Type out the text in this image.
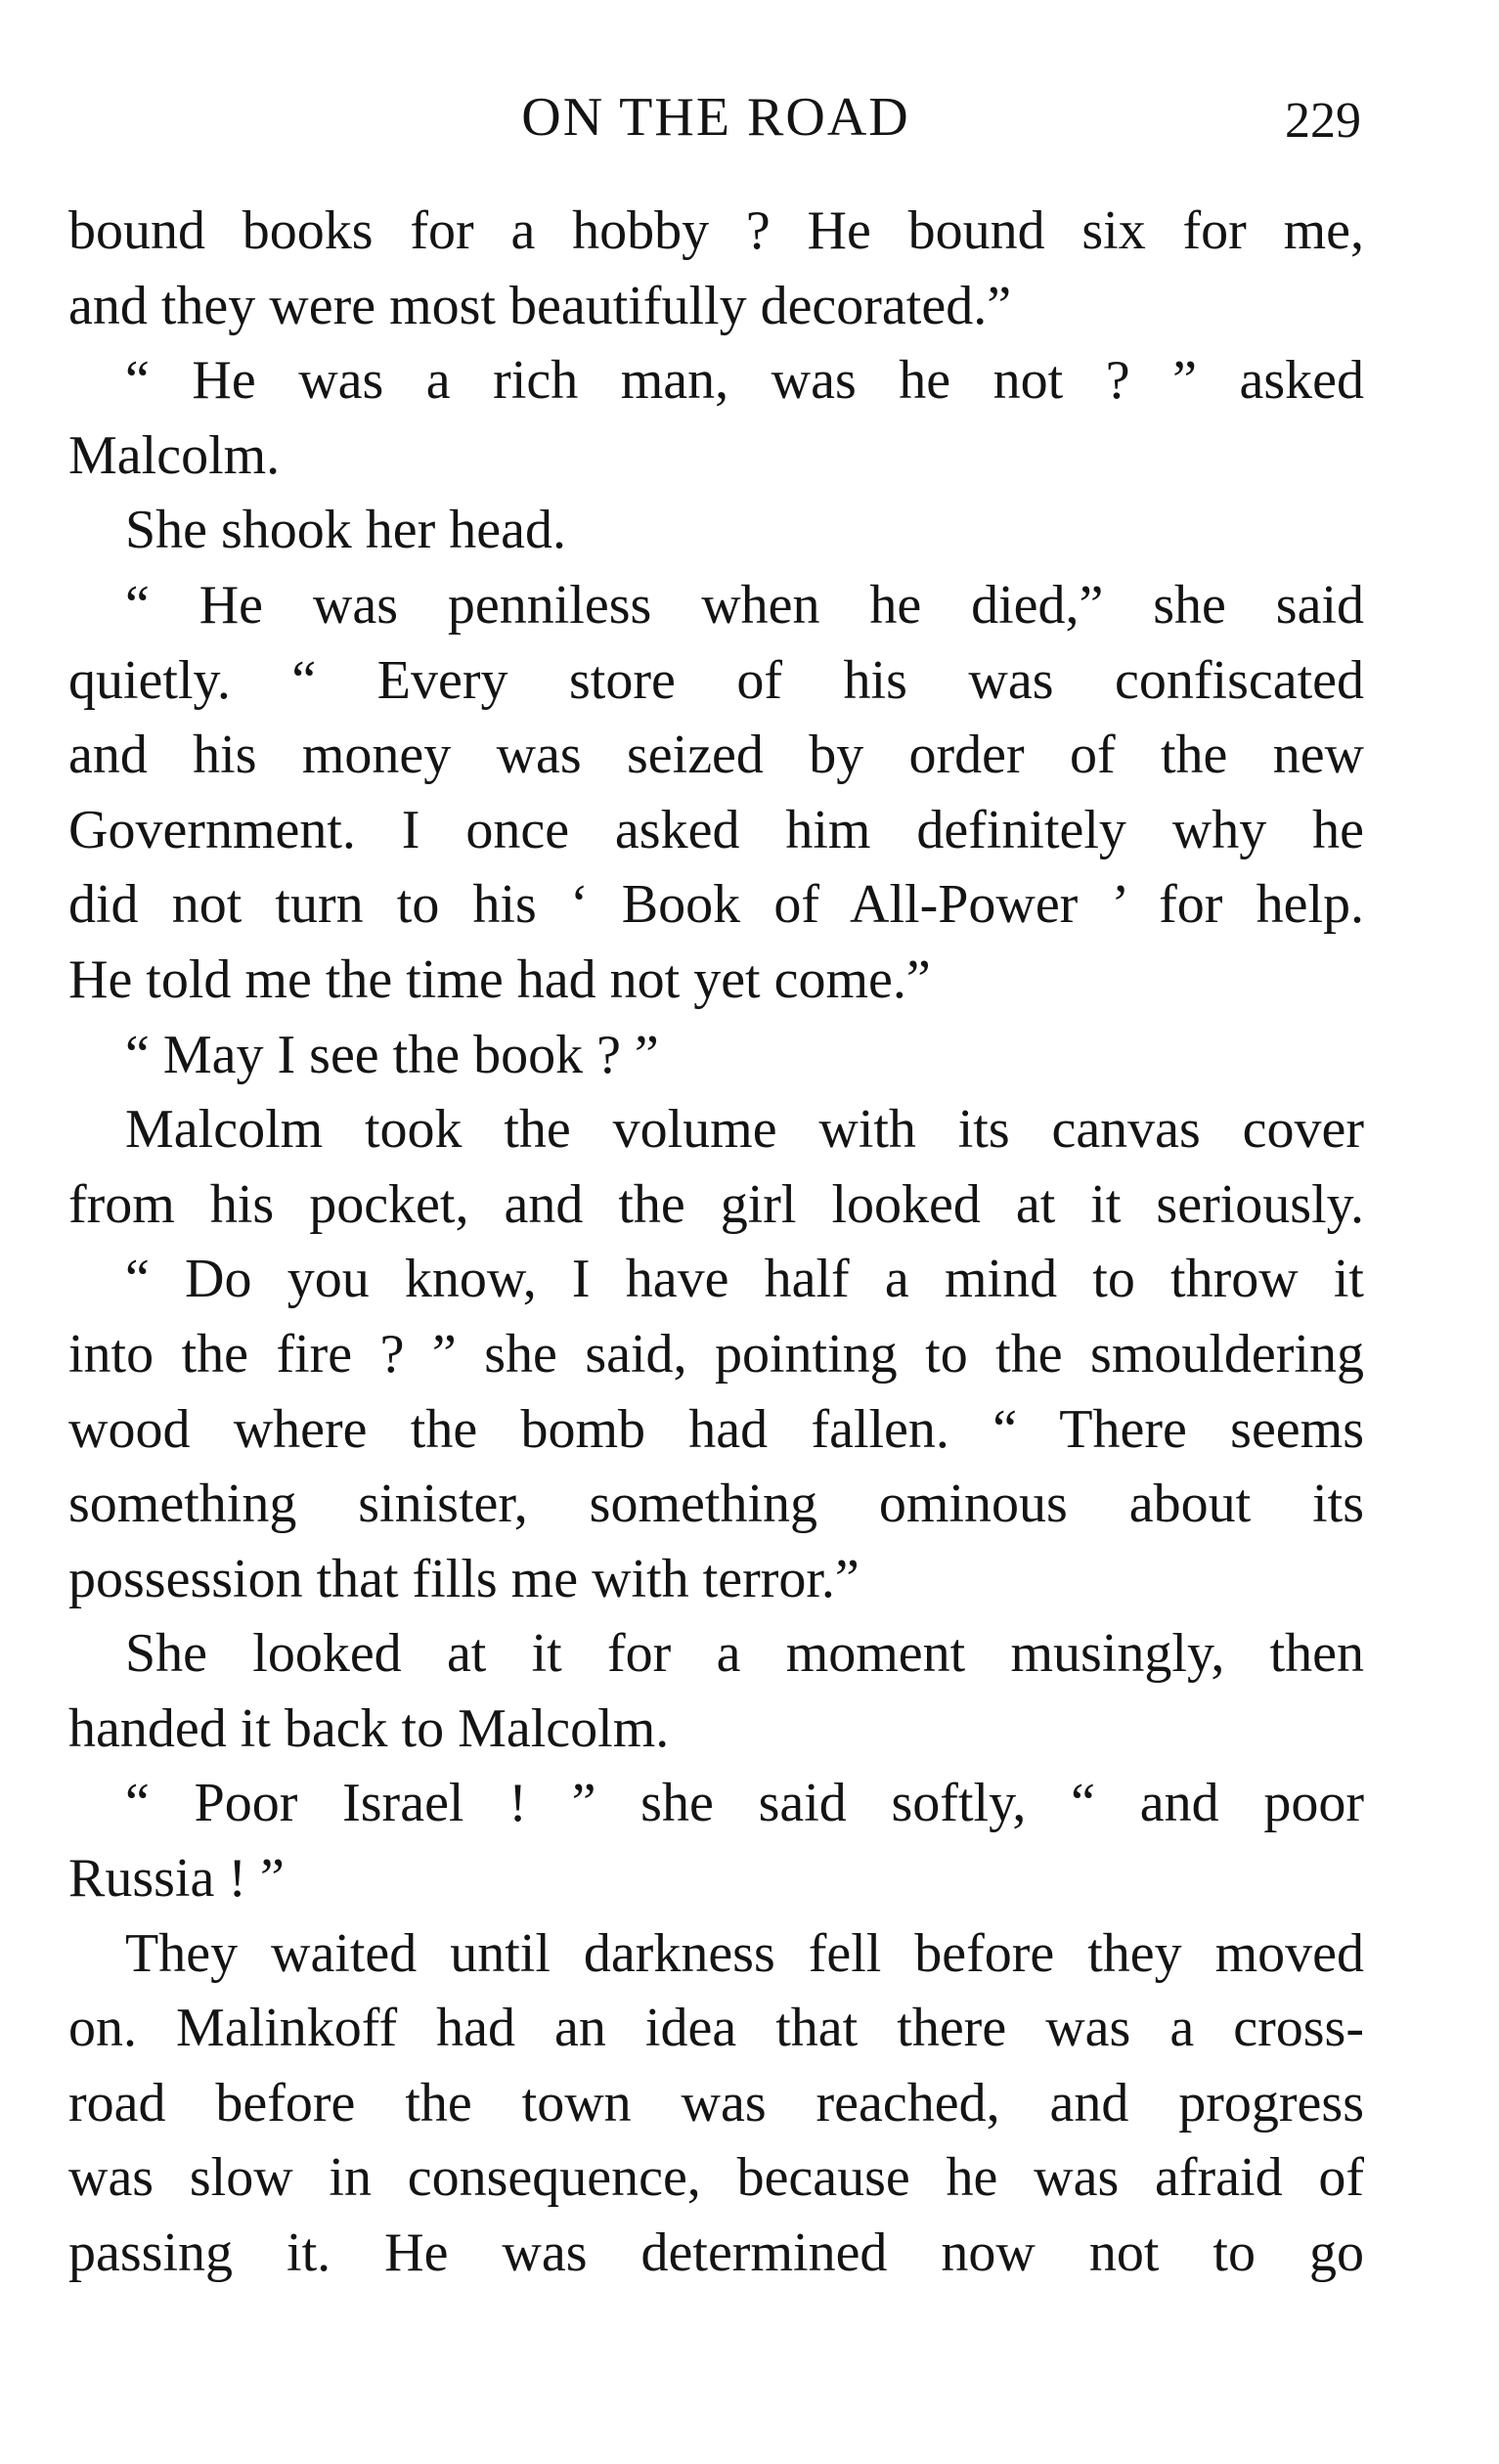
ON THE ROAD	229
bound books for a hobby ? He bound six for me,
and they were most beautifully decorated.”
“ He was a rich man, was he not ? ” asked
Malcolm.
She shook her head.
“ He was penniless when he died,” she said
quietly. “ Every store of his was confiscated
and his money was seized by order of the new
Government. I once asked him definitely why he
did not turn to his ‘ Book of All-Power ’ for help.
He told me the time had not yet come.”
“ May I see the book ? ”
Malcolm took the volume with its canvas cover
from his pocket, and the girl looked at it seriously.
“ Do you know, I have half a mind to throw it
into the fire ? ” she said, pointing to the smouldering
wood where the bomb had fallen. “ There seems
something sinister, something ominous about its
possession that fills me with terror.”
She looked at it for a moment musingly, then
handed it back to Malcolm.
“ Poor Israel ! ” she said softly, “ and poor
Russia ! ”
They waited until darkness fell before they moved
on. Malinkoff had an idea that there was a cross-
road before the town was reached, and progress
was slow in consequence, because he was afraid of
passing it. He was determined now not to go
